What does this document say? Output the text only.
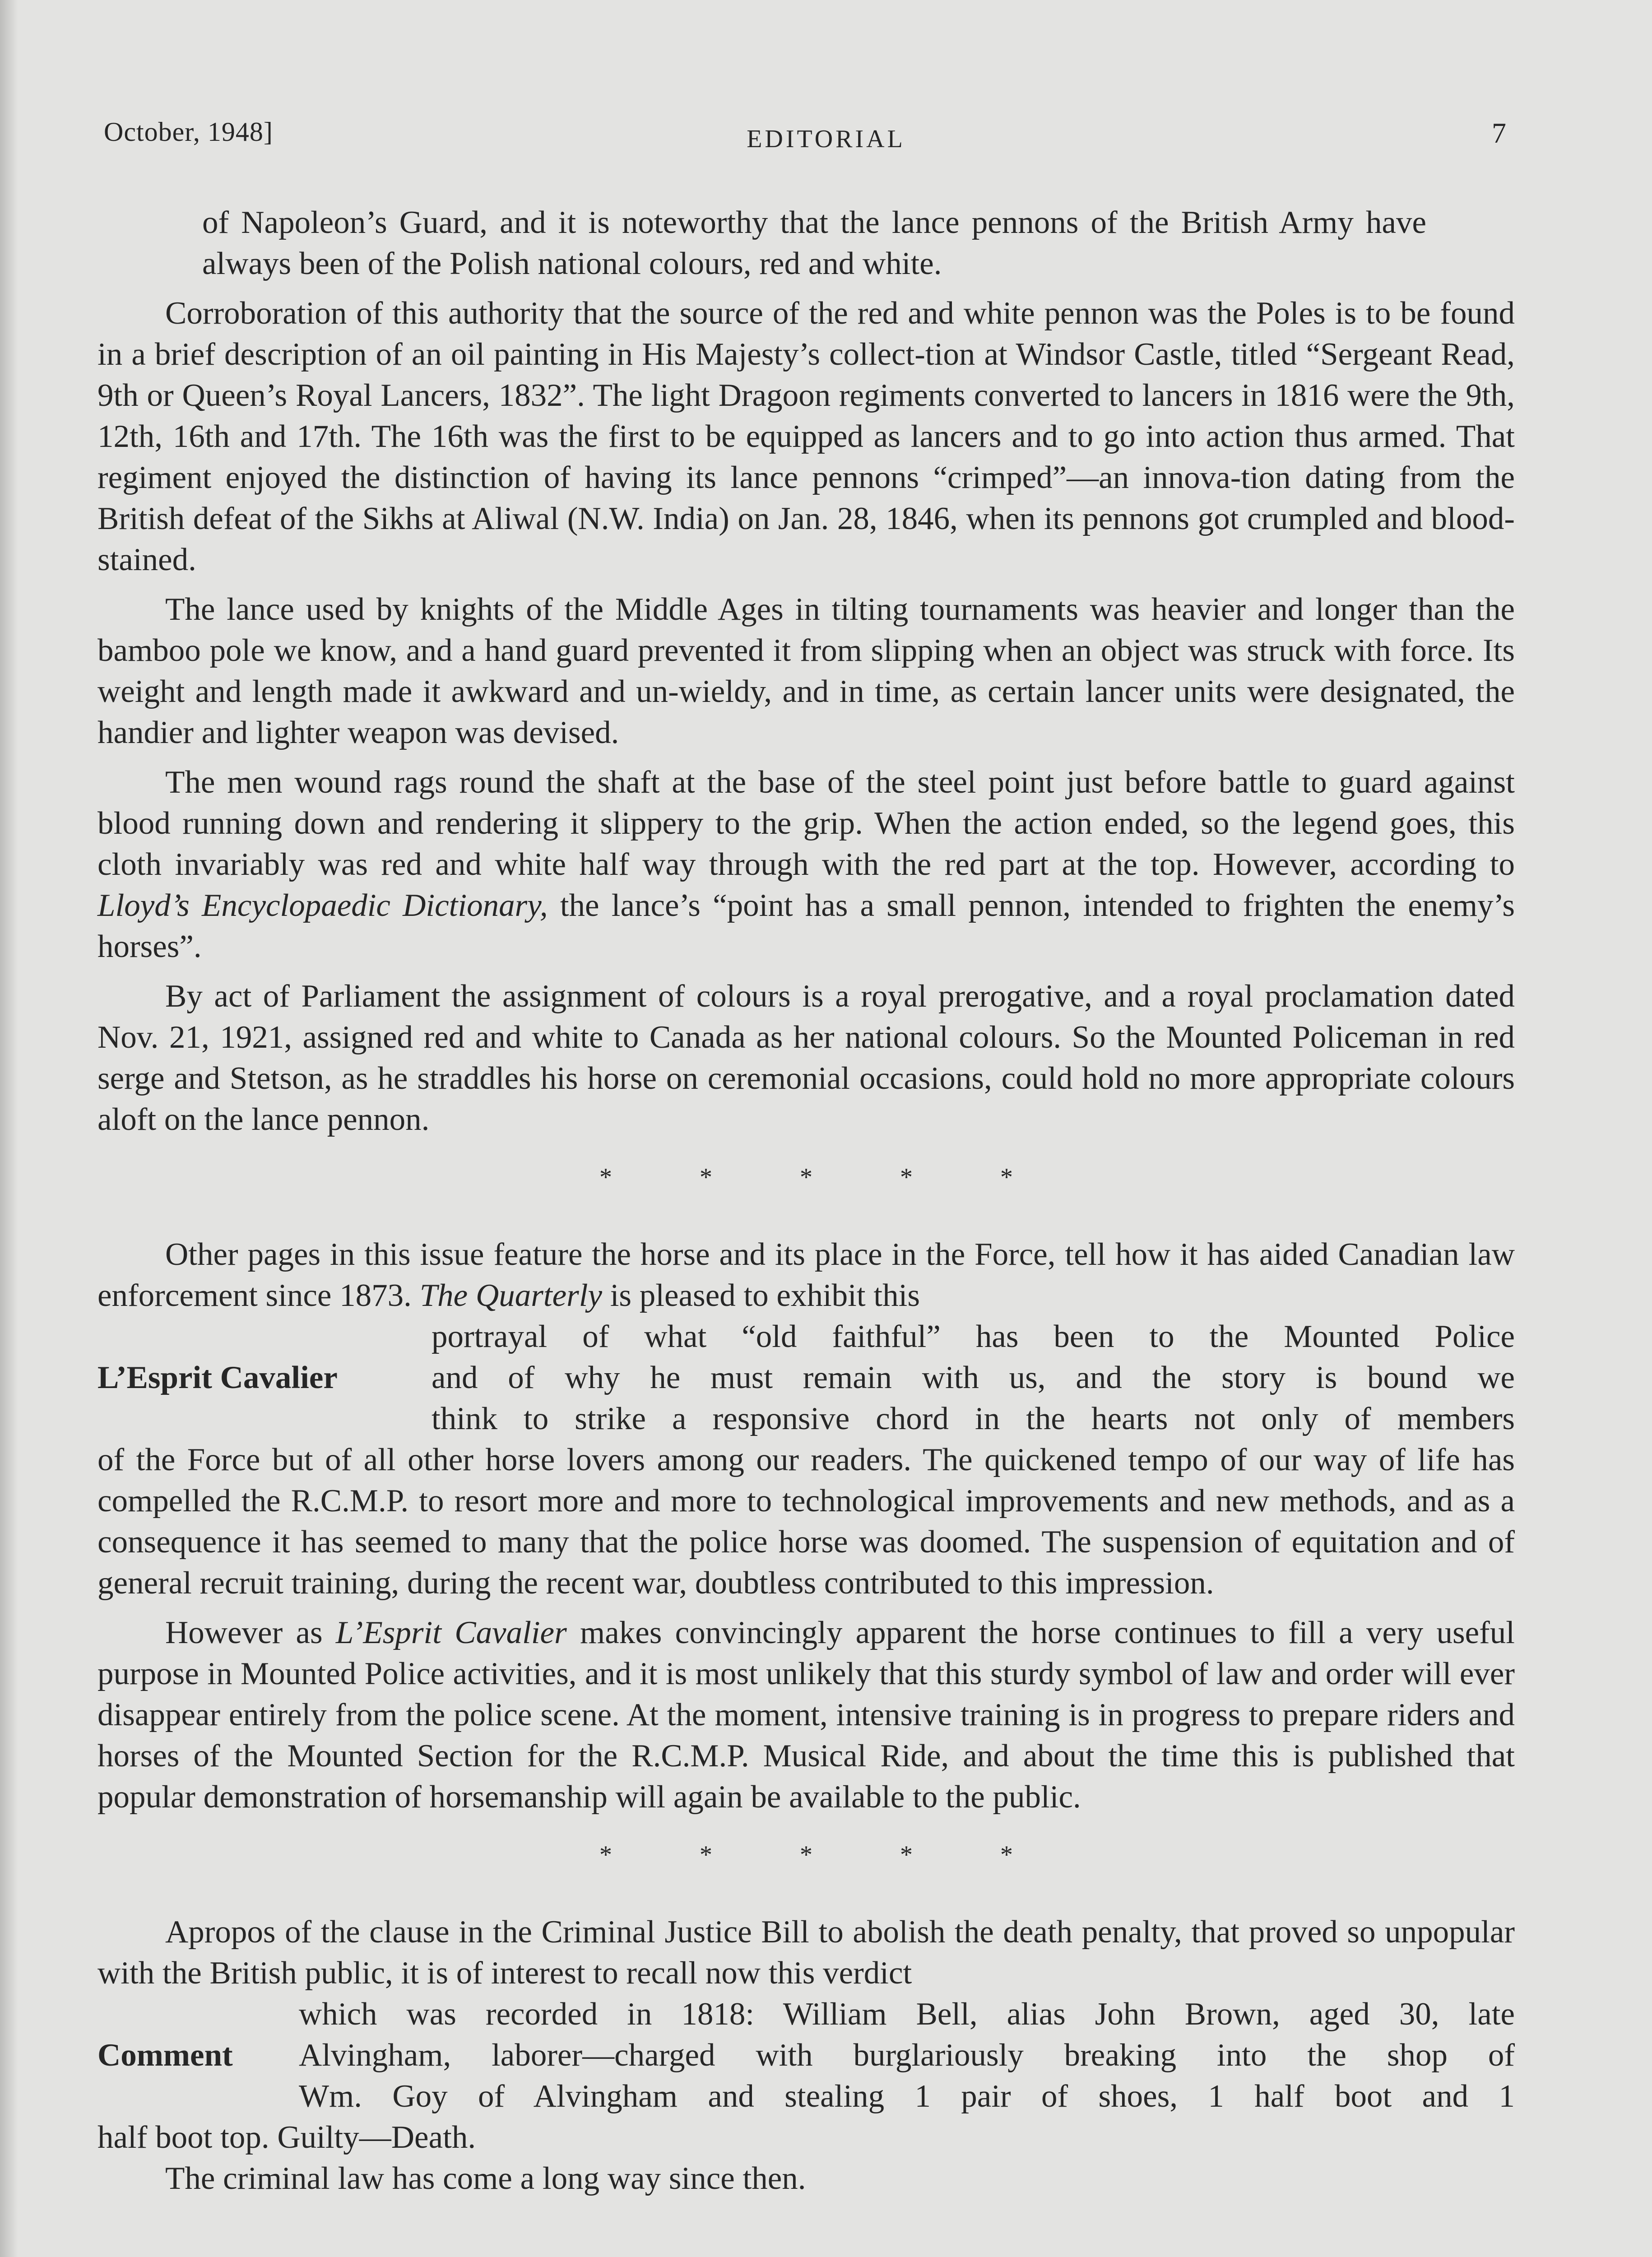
October, 1948]	EDITORIAL	7

of Napoleon’s Guard, and it is noteworthy that the lance pennons of the British Army have always been of the Polish national colours, red and white.

Corroboration of this authority that the source of the red and white pennon was the Poles is to be found in a brief description of an oil painting in His Majesty’s collect-tion at Windsor Castle, titled “Sergeant Read, 9th or Queen’s Royal Lancers, 1832”. The light Dragoon regiments converted to lancers in 1816 were the 9th, 12th, 16th and 17th. The 16th was the first to be equipped as lancers and to go into action thus armed. That regiment enjoyed the distinction of having its lance pennons “crimped”—an innova-tion dating from the British defeat of the Sikhs at Aliwal (N.W. India) on Jan. 28, 1846, when its pennons got crumpled and blood-stained.

The lance used by knights of the Middle Ages in tilting tournaments was heavier and longer than the bamboo pole we know, and a hand guard prevented it from slipping when an object was struck with force. Its weight and length made it awkward and un-wieldy, and in time, as certain lancer units were designated, the handier and lighter weapon was devised.

The men wound rags round the shaft at the base of the steel point just before battle to guard against blood running down and rendering it slippery to the grip. When the action ended, so the legend goes, this cloth invariably was red and white half way through with the red part at the top. However, according to Lloyd’s Encyclopaedic Dictionary, the lance’s “point has a small pennon, intended to frighten the enemy’s horses”.

By act of Parliament the assignment of colours is a royal prerogative, and a royal proclamation dated Nov. 21, 1921, assigned red and white to Canada as her national colours. So the Mounted Policeman in red serge and Stetson, as he straddles his horse on ceremonial occasions, could hold no more appropriate colours aloft on the lance pennon.

* * * * *

Other pages in this issue feature the horse and its place in the Force, tell how it has aided Canadian law enforcement since 1873. The Quarterly is pleased to exhibit this

L’Esprit Cavalier
portrayal of what “old faithful” has been to the Mounted Police
and of why he must remain with us, and the story is bound we
think to strike a responsive chord in the hearts not only of members

of the Force but of all other horse lovers among our readers. The quickened tempo of our way of life has compelled the R.C.M.P. to resort more and more to technological improvements and new methods, and as a consequence it has seemed to many that the police horse was doomed. The suspension of equitation and of general recruit training, during the recent war, doubtless contributed to this impression.

However as L’Esprit Cavalier makes convincingly apparent the horse continues to fill a very useful purpose in Mounted Police activities, and it is most unlikely that this sturdy symbol of law and order will ever disappear entirely from the police scene. At the moment, intensive training is in progress to prepare riders and horses of the Mounted Section for the R.C.M.P. Musical Ride, and about the time this is published that popular demonstration of horsemanship will again be available to the public.

* * * * *

Apropos of the clause in the Criminal Justice Bill to abolish the death penalty, that proved so unpopular with the British public, it is of interest to recall now this verdict

Comment
which was recorded in 1818: William Bell, alias John Brown, aged 30, late
Alvingham, laborer—charged with burglariously breaking into the shop of
Wm. Goy of Alvingham and stealing 1 pair of shoes, 1 half boot and 1

half boot top. Guilty—Death.

The criminal law has come a long way since then.
